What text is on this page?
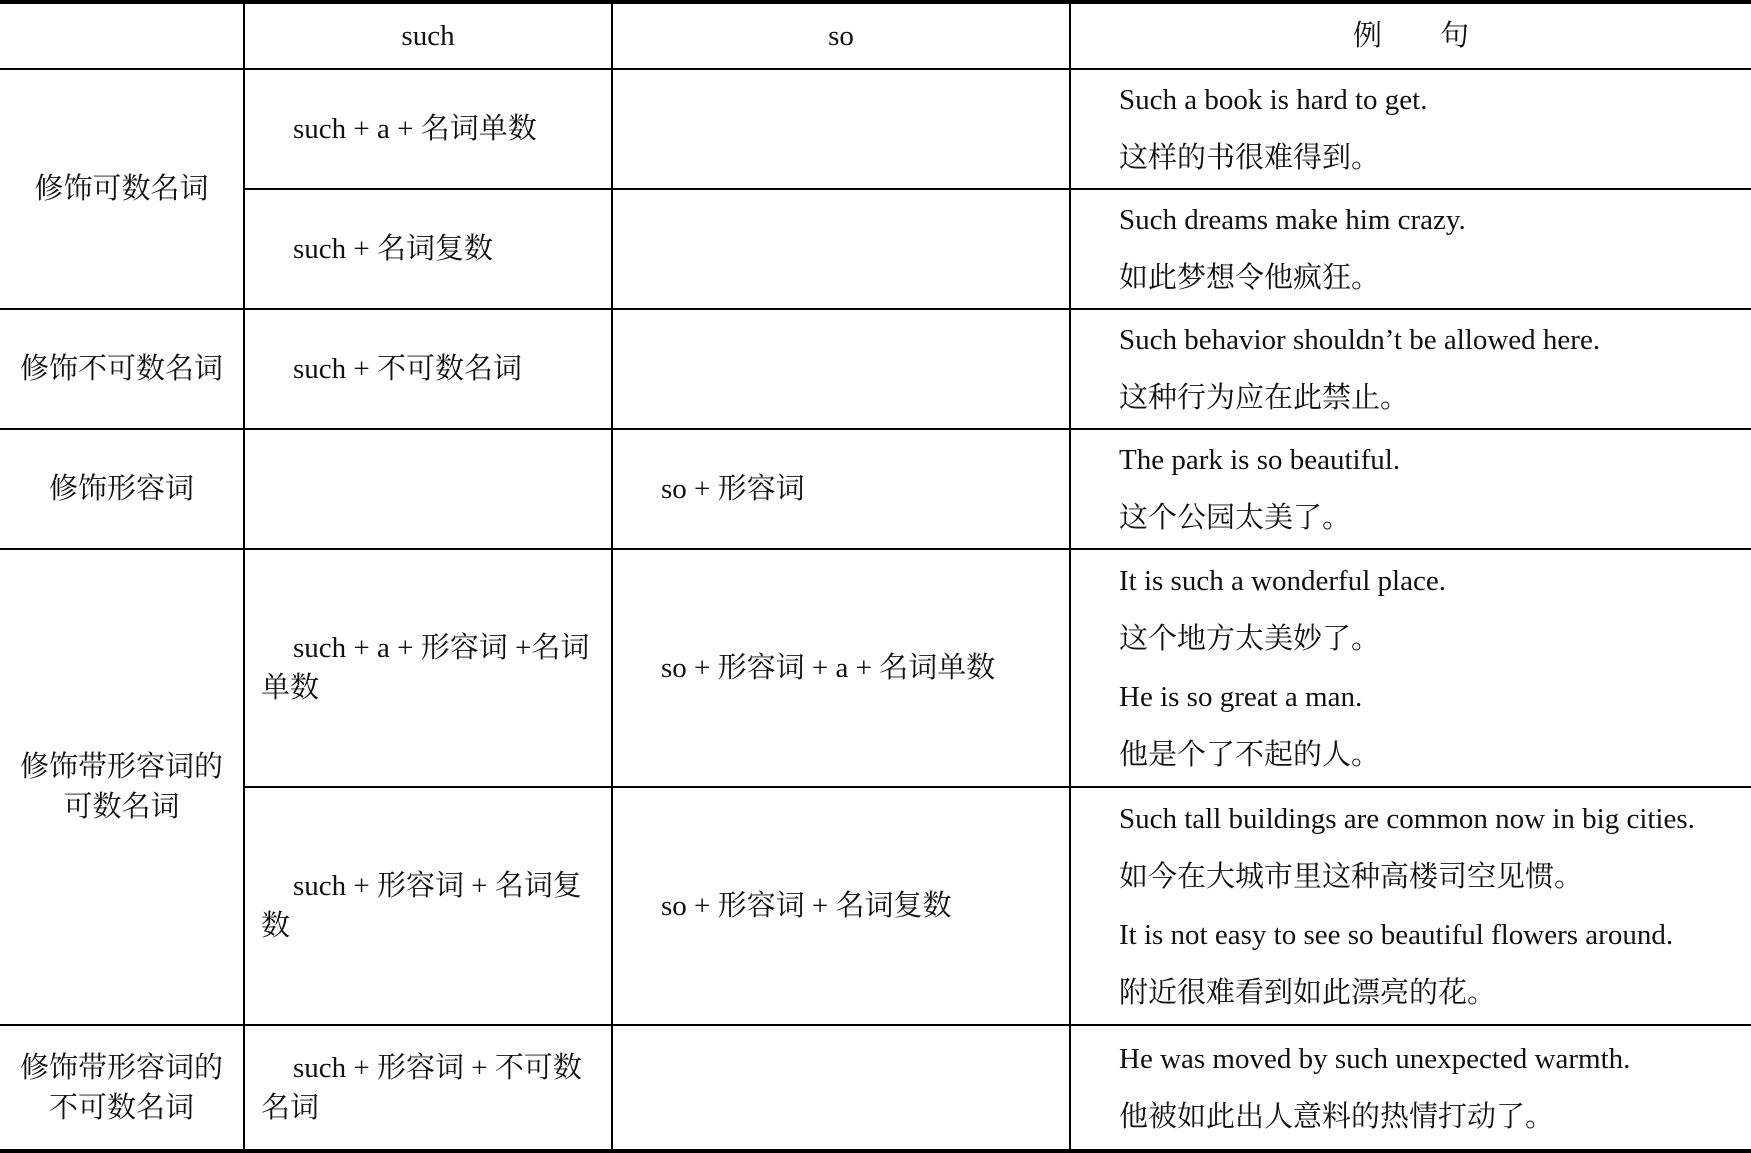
	such	so	例　　句
修饰可数名词	such + a + 名词单数		Such a book is hard to get.
这样的书很难得到。

	such + 名词复数		Such dreams make him crazy.
如此梦想令他疯狂。

修饰不可数名词	such + 不可数名词		Such behavior shouldn’t be allowed here.
这种行为应在此禁止。

修饰形容词		so + 形容词	The park is so beautiful.
这个公园太美了。

修饰带形容词的可数名词	such + a + 形容词 +名词单数	so + 形容词 + a + 名词单数	It is such a wonderful place.
这个地方太美妙了。
He is so great a man.
他是个了不起的人。

	such + 形容词 + 名词复数	so + 形容词 + 名词复数	Such tall buildings are common now in big cities.
如今在大城市里这种高楼司空见惯。
It is not easy to see so beautiful flowers around.
附近很难看到如此漂亮的花。

修饰带形容词的不可数名词	such + 形容词 + 不可数名词		He was moved by such unexpected warmth.
他被如此出人意料的热情打动了。
